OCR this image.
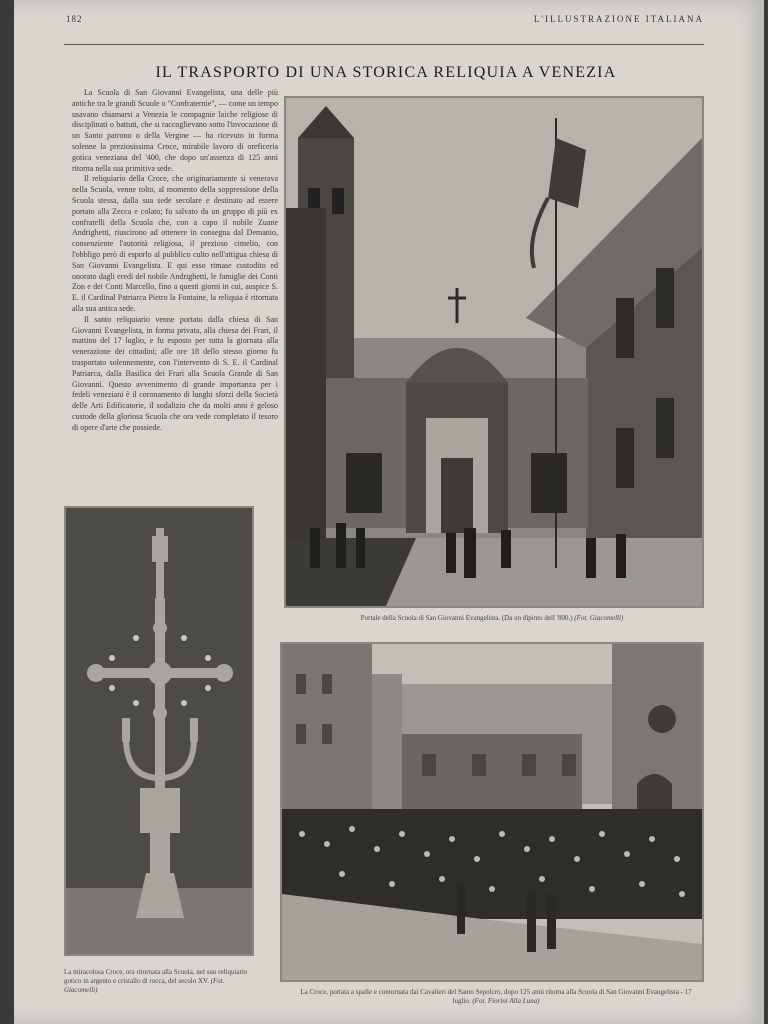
182	L'ILLUSTRAZIONE ITALIANA
IL TRASPORTO DI UNA STORICA RELIQUIA A VENEZIA

La Scuola di San Giovanni Evangelista, una delle più antiche tra le grandi Scuole o "Confraternie", — come un tempo usavano chiamarsi a Venezia le compagnie laiche religiose di disciplinati o battuti, che si raccoglievano sotto l'invocazione di un Santo patrono o della Vergine — ha ricevuto in forma solenne la preziosissima Croce, mirabile lavoro di oreficeria gotica veneziana del '400, che dopo un'assenza di 125 anni ritorna nella sua primitiva sede.

Il reliquiario della Croce, che originariamente si venerava nella Scuola, venne tolto, al momento della soppressione della Scuola stessa, dalla sua sede secolare e destinato ad essere portato alla Zecca e colato; fu salvato da un gruppo di più ex confratelli della Scuola che, con a capo il nobile Zuane Andrighetti, riuscirono ad ottenere in consegna dal Demanio, consenziente l'autorità religiosa, il prezioso cimelio, con l'obbligo però di esporlo al pubblico culto nell'attigua chiesa di San Giovanni Evangelista. E qui esso rimase custodito ed onorato dagli eredi del nobile Andrighetti, le famiglie dei Conti Zon e dei Conti Marcello, fino a questi giorni in cui, auspice S. E. il Cardinal Patriarca Pietro la Fontaine, la reliquia è ritornata alla sua antica sede.

Il santo reliquiario venne portato dalla chiesa di San Giovanni Evangelista, in forma privata, alla chiesa dei Frari, il mattino del 17 luglio, e fu esposto per tutta la giornata alla venerazione dei cittadini; alle ore 18 dello stesso giorno fu trasportato solennemente, con l'intervento di S. E. il Cardinal Patriarca, dalla Basilica dei Frari alla Scuola Grande di San Giovanni. Questo avvenimento di grande importanza per i fedeli veneziani è il coronamento di lunghi sforzi della Società delle Arti Edificatorie, il sodalizio che da molti anni è geloso custode della gloriosa Scuola che ora vede completato il tesoro di opere d'arte che possiede.

Portale della Scuola di San Giovanni Evangelista. (Da un dipinto dell '800.) (Fot. Giacomelli)
La miracolosa Croce, ora ritornata alla Scuola, nel suo reliquiario gotico in argento e cristallo di rocca, del secolo XV. (Fot. Giacomelli)	La Croce, portata a spalle e contornata dai Cavalieri del Santo Sepolcro, dopo 125 anni ritorna alla Scuola di San Giovanni Evangelista - 17 luglio. (Fot. Fiorini Alla Luna)
